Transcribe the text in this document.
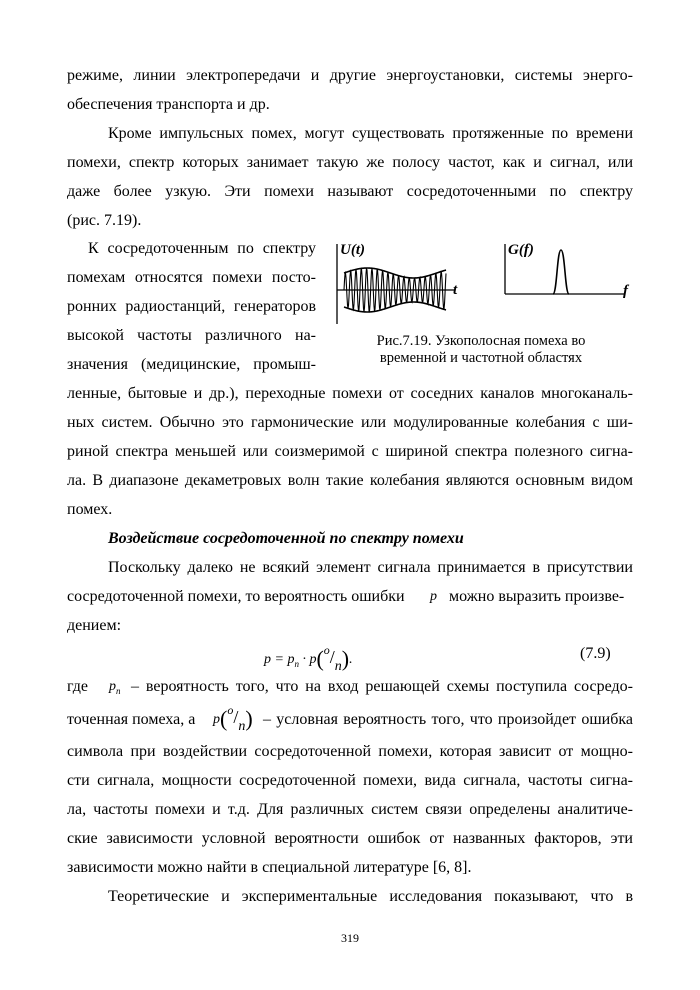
режиме, линии электропередачи и другие энергоустановки, системы энерго-
обеспечения транспорта и др.
Кроме импульсных помех, могут существовать протяженные по времени
помехи, спектр которых занимает такую же полосу частот, как и сигнал, или
даже более узкую. Эти помехи называют сосредоточенными по спектру
(рис. 7.19).
К сосредоточенным по спектру
помехам относятся помехи посто-
ронних радиостанций, генераторов
высокой частоты различного на-
значения (медицинские, промыш-
U(t)
t
G(f)
f
Рис.7.19. Узкополосная помеха во
временной и частотной областях
ленные, бытовые и др.), переходные помехи от соседних каналов многоканаль-
ных систем. Обычно это гармонические или модулированные колебания с ши-
риной спектра меньшей или соизмеримой с шириной спектра полезного сигна-
ла. В диапазоне декаметровых волн такие колебания являются основным видом
помех.
Воздействие сосредоточенной по спектру помехи
Поскольку далеко не всякий элемент сигнала принимается в присутствии
сосредоточенной помехи, то вероятность ошибки p можно выразить произве-
дением:
$p = p_п \cdot p(^о/_п)$.	(7.9)
где $p_п$ – вероятность того, что на вход решающей схемы поступила сосредо-
точенная помеха, а $p(^о/_п)$ – условная вероятность того, что произойдет ошибка
символа при воздействии сосредоточенной помехи, которая зависит от мощно-
сти сигнала, мощности сосредоточенной помехи, вида сигнала, частоты сигна-
ла, частоты помехи и т.д. Для различных систем связи определены аналитиче-
ские зависимости условной вероятности ошибок от названных факторов, эти
зависимости можно найти в специальной литературе [6, 8].
Теоретические и экспериментальные исследования показывают, что в
319
